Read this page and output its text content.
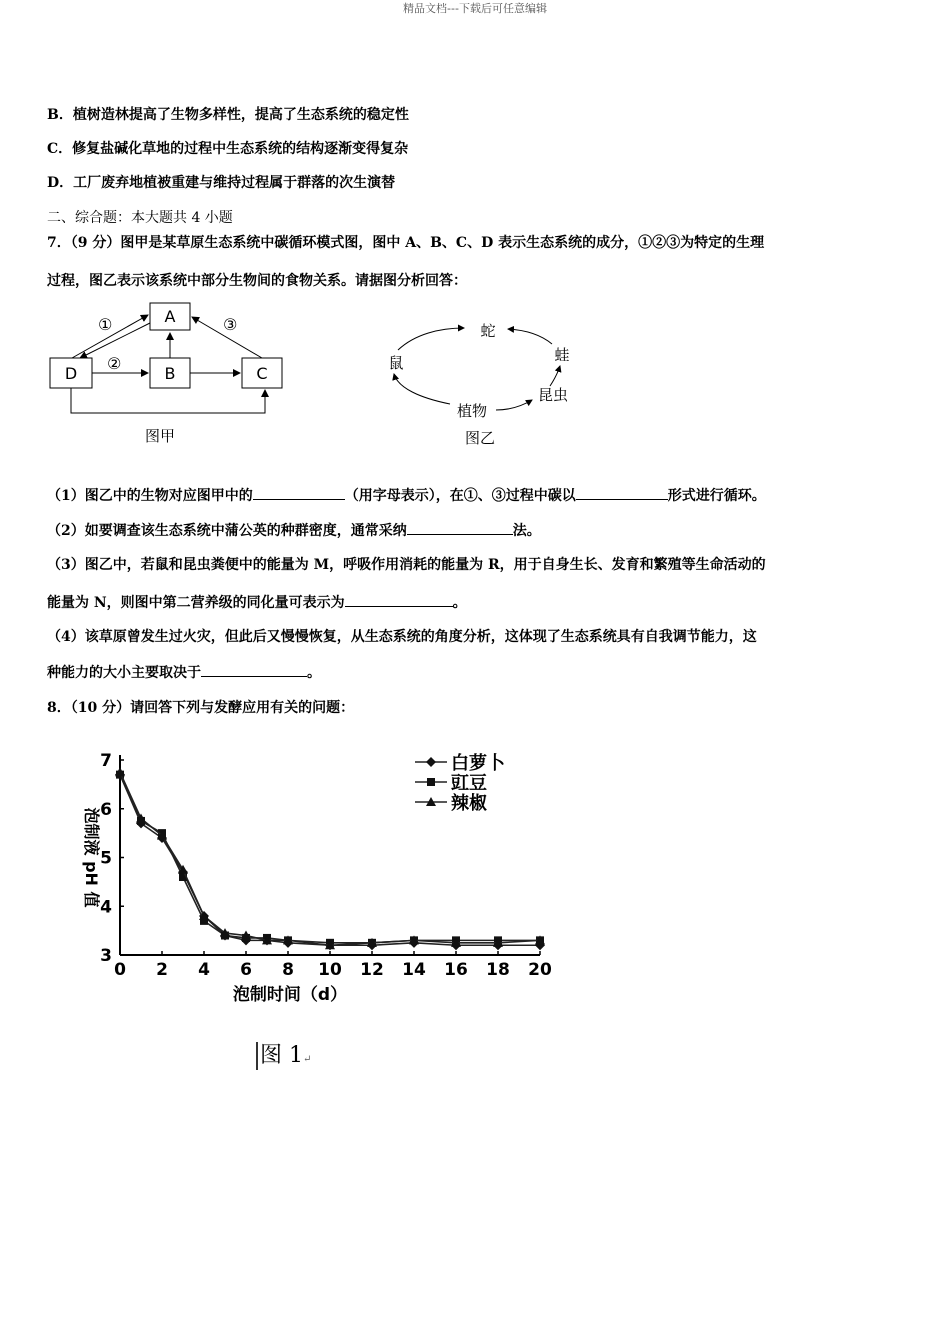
精品文档---下载后可任意编辑
B．植树造林提高了生物多样性，提高了生态系统的稳定性
C．修复盐碱化草地的过程中生态系统的结构逐渐变得复杂
D．工厂废弃地植被重建与维持过程属于群落的次生演替
二、综合题：本大题共 4 小题
7．（9 分）图甲是某草原生态系统中碳循环模式图，图中 A、B、C、D 表示生态系统的成分，①②③为特定的生理
过程，图乙表示该系统中部分生物间的食物关系。请据图分析回答：
A
D	B	C
①
②
③
图甲
蛇
蛙
昆虫
植物
鼠
图乙
（1）图乙中的生物对应图甲中的	（用字母表示），在①、③过程中碳以	形式进行循环。
（2）如要调查该生态系统中蒲公英的种群密度，通常采纳	法。
（3）图乙中，若鼠和昆虫粪便中的能量为 M，呼吸作用消耗的能量为 R，用于自身生长、发育和繁殖等生命活动的
能量为 N，则图中第二营养级的同化量可表示为	。
（4）该草原曾发生过火灾，但此后又慢慢恢复，从生态系统的角度分析，这体现了生态系统具有自我调节能力，这
种能力的大小主要取决于	。
8．（10 分）请回答下列与发酵应用有关的问题：
0 2 4 6 8 10 12 14 16 18 20
3
4
5
6
7
泡制时间（d）
泡制液 pH 值
白萝卜
豇豆
辣椒
图 1↵
